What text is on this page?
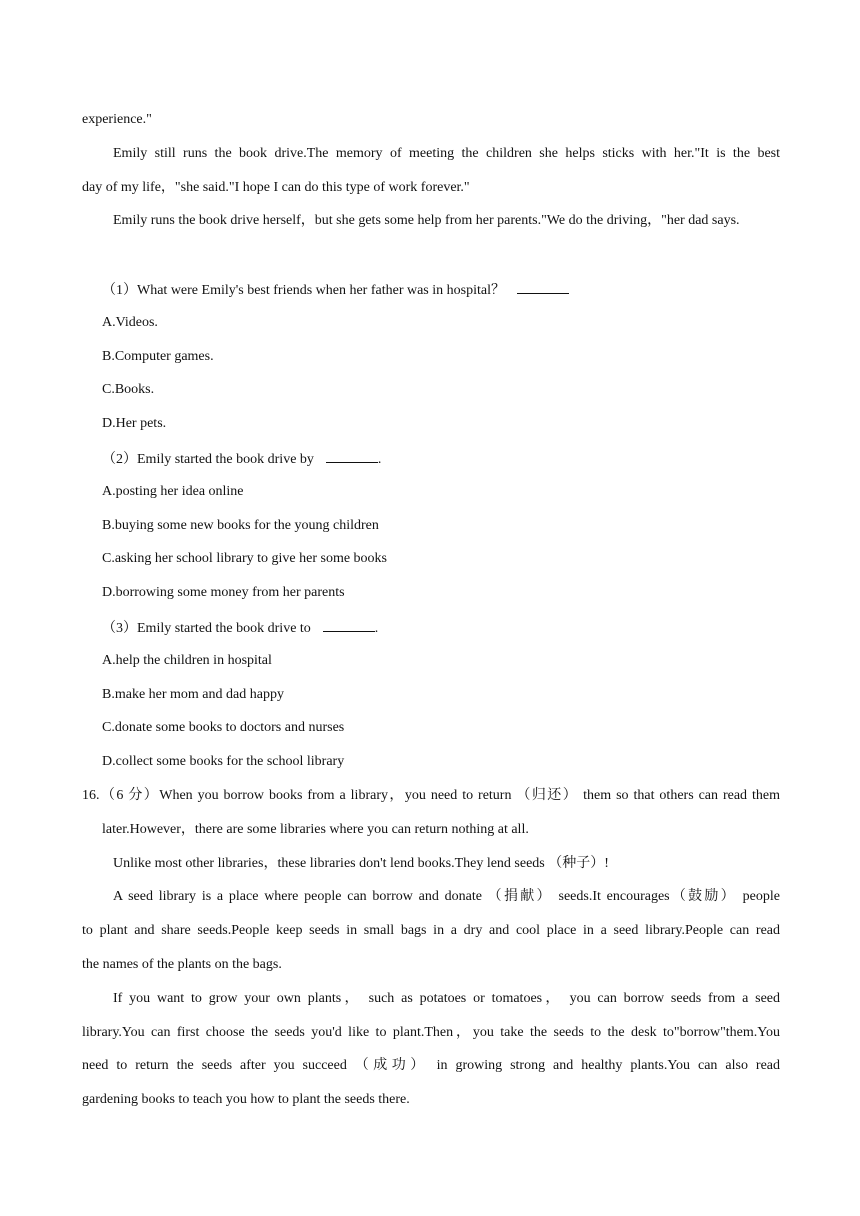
experience."
Emily still runs the book drive.The memory of meeting the children she helps sticks with her."It is the best
day of my life，"she said."I hope I can do this type of work forever."
Emily runs the book drive herself，but she gets some help from her parents."We do the driving，"her dad says.
（1）What were Emily's best friends when her father was in hospital？
A.Videos.
B.Computer games.
C.Books.
D.Her pets.
（2）Emily started the book drive by	.
A.posting her idea online
B.buying some new books for the young children
C.asking her school library to give her some books
D.borrowing some money from her parents
（3）Emily started the book drive to	.
A.help the children in hospital
B.make her mom and dad happy
C.donate some books to doctors and nurses
D.collect some books for the school library
16.（6 分）When you borrow books from a library，you need to return （归还） them so that others can read them
later.However，there are some libraries where you can return nothing at all.
Unlike most other libraries，these libraries don't lend books.They lend seeds （种子）!
A seed library is a place where people can borrow and donate （捐献） seeds.It encourages（鼓励） people
to plant and share seeds.People keep seeds in small bags in a dry and cool place in a seed library.People can read
the names of the plants on the bags.
If you want to grow your own plants， such as potatoes or tomatoes， you can borrow seeds from a seed
library.You can first choose the seeds you'd like to plant.Then，you take the seeds to the desk to"borrow"them.You
need to return the seeds after you succeed （成功） in growing strong and healthy plants.You can also read
gardening books to teach you how to plant the seeds there.
